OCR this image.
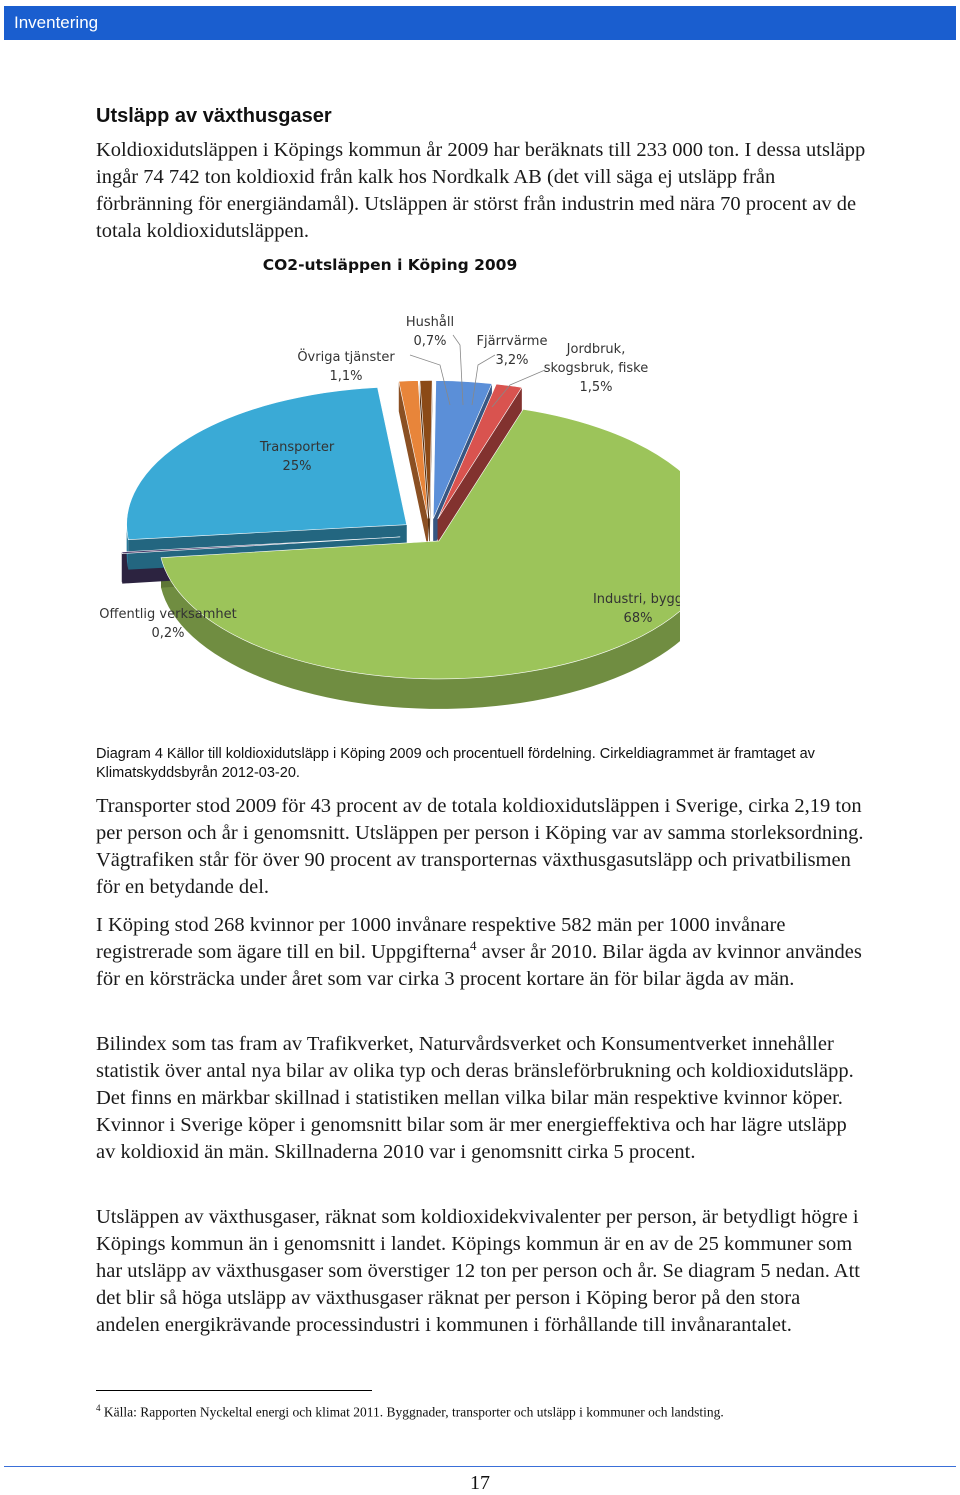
Inventering
Utsläpp av växthusgaser

Koldioxidutsläppen i Köpings kommun år 2009 har beräknats till 233 000 ton. I dessa utsläpp ingår 74 742 ton koldioxid från kalk hos Nordkalk AB (det vill säga ej utsläpp från förbränning för energiändamål). Utsläppen är störst från industrin med nära 70 procent av de totala koldioxidutsläppen.

CO2-utsläppen i Köping 2009
Hushåll 0,7%	Fjärrvärme 3,2%
Jordbruk, skogsbruk, fiske 1,5%
Industri, bygg 68%
Offentlig verksamhet 0,2%
Transporter 25%
Övriga tjänster 1,1%

Diagram 4 Källor till koldioxidutsläpp i Köping 2009 och procentuell fördelning. Cirkeldiagrammet är framtaget av Klimatskyddsbyrån 2012-03-20.

Transporter stod 2009 för 43 procent av de totala koldioxidutsläppen i Sverige, cirka 2,19 ton per person och år i genomsnitt. Utsläppen per person i Köping var av samma storleksordning. Vägtrafiken står för över 90 procent av transporternas växthusgasutsläpp och privatbilismen för en betydande del.

I Köping stod 268 kvinnor per 1000 invånare respektive 582 män per 1000 invånare registrerade som ägare till en bil. Uppgifterna$^4$ avser år 2010. Bilar ägda av kvinnor användes för en körsträcka under året som var cirka 3 procent kortare än för bilar ägda av män.

Bilindex som tas fram av Trafikverket, Naturvårdsverket och Konsumentverket innehåller statistik över antal nya bilar av olika typ och deras bränsleförbrukning och koldioxidutsläpp. Det finns en märkbar skillnad i statistiken mellan vilka bilar män respektive kvinnor köper. Kvinnor i Sverige köper i genomsnitt bilar som är mer energieffektiva och har lägre utsläpp av koldioxid än män. Skillnaderna 2010 var i genomsnitt cirka 5 procent.

Utsläppen av växthusgaser, räknat som koldioxidekvivalenter per person, är betydligt högre i Köpings kommun än i genomsnitt i landet. Köpings kommun är en av de 25 kommuner som har utsläpp av växthusgaser som överstiger 12 ton per person och år. Se diagram 5 nedan. Att det blir så höga utsläpp av växthusgaser räknat per person i Köping beror på den stora andelen energikrävande processindustri i kommunen i förhållande till invånarantalet.

$^4$ Källa: Rapporten Nyckeltal energi och klimat 2011. Byggnader, transporter och utsläpp i kommuner och landsting.
17
